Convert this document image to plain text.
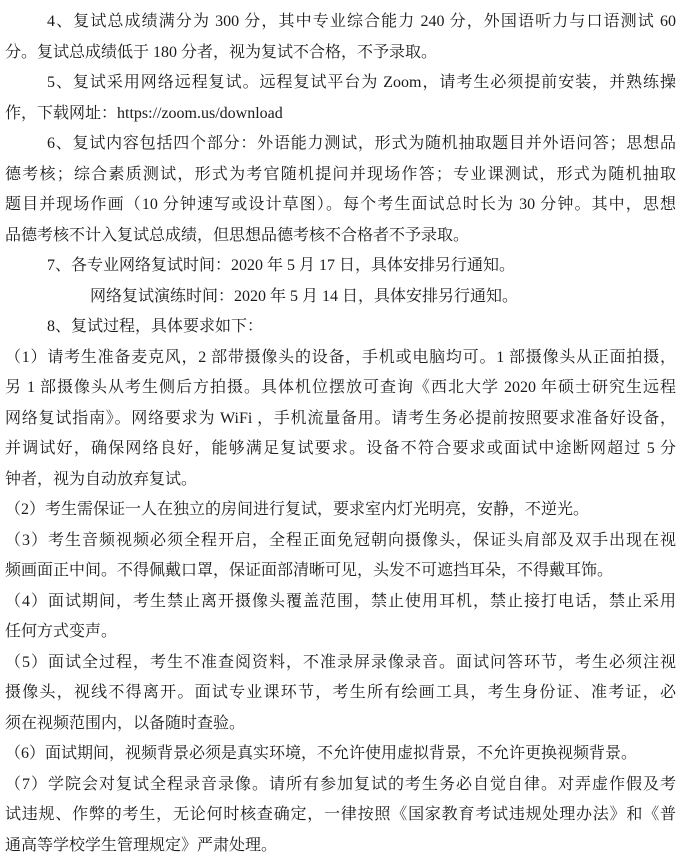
4、复试总成绩满分为 300 分，其中专业综合能力 240 分，外国语听力与口语测试 60
分。复试总成绩低于 180 分者，视为复试不合格，不予录取。
5、复试采用网络远程复试。远程复试平台为 Zoom，请考生必须提前安装，并熟练操
作，下载网址：https://zoom.us/download
6、复试内容包括四个部分：外语能力测试，形式为随机抽取题目并外语问答；思想品
德考核；综合素质测试，形式为考官随机提问并现场作答；专业课测试，形式为随机抽取
题目并现场作画（10 分钟速写或设计草图）。每个考生面试总时长为 30 分钟。其中，思想
品德考核不计入复试总成绩，但思想品德考核不合格者不予录取。
7、各专业网络复试时间：2020 年 5 月 17 日，具体安排另行通知。
网络复试演练时间：2020 年 5 月 14 日，具体安排另行通知。
8、复试过程，具体要求如下：
（1）请考生准备麦克风，2 部带摄像头的设备，手机或电脑均可。1 部摄像头从正面拍摄，
另 1 部摄像头从考生侧后方拍摄。具体机位摆放可查询《西北大学 2020 年硕士研究生远程
网络复试指南》。网络要求为 WiFi ，手机流量备用。请考生务必提前按照要求准备好设备，
并调试好，确保网络良好，能够满足复试要求。设备不符合要求或面试中途断网超过 5 分
钟者，视为自动放弃复试。
（2）考生需保证一人在独立的房间进行复试，要求室内灯光明亮，安静，不逆光。
（3）考生音频视频必须全程开启，全程正面免冠朝向摄像头，保证头肩部及双手出现在视
频画面正中间。不得佩戴口罩，保证面部清晰可见，头发不可遮挡耳朵，不得戴耳饰。
（4）面试期间，考生禁止离开摄像头覆盖范围，禁止使用耳机，禁止接打电话，禁止采用
任何方式变声。
（5）面试全过程，考生不准查阅资料，不准录屏录像录音。面试问答环节，考生必须注视
摄像头，视线不得离开。面试专业课环节，考生所有绘画工具，考生身份证、准考证，必
须在视频范围内，以备随时查验。
（6）面试期间，视频背景必须是真实环境，不允许使用虚拟背景，不允许更换视频背景。
（7）学院会对复试全程录音录像。请所有参加复试的考生务必自觉自律。对弄虚作假及考
试违规、作弊的考生，无论何时核查确定，一律按照《国家教育考试违规处理办法》和《普
通高等学校学生管理规定》严肃处理。
